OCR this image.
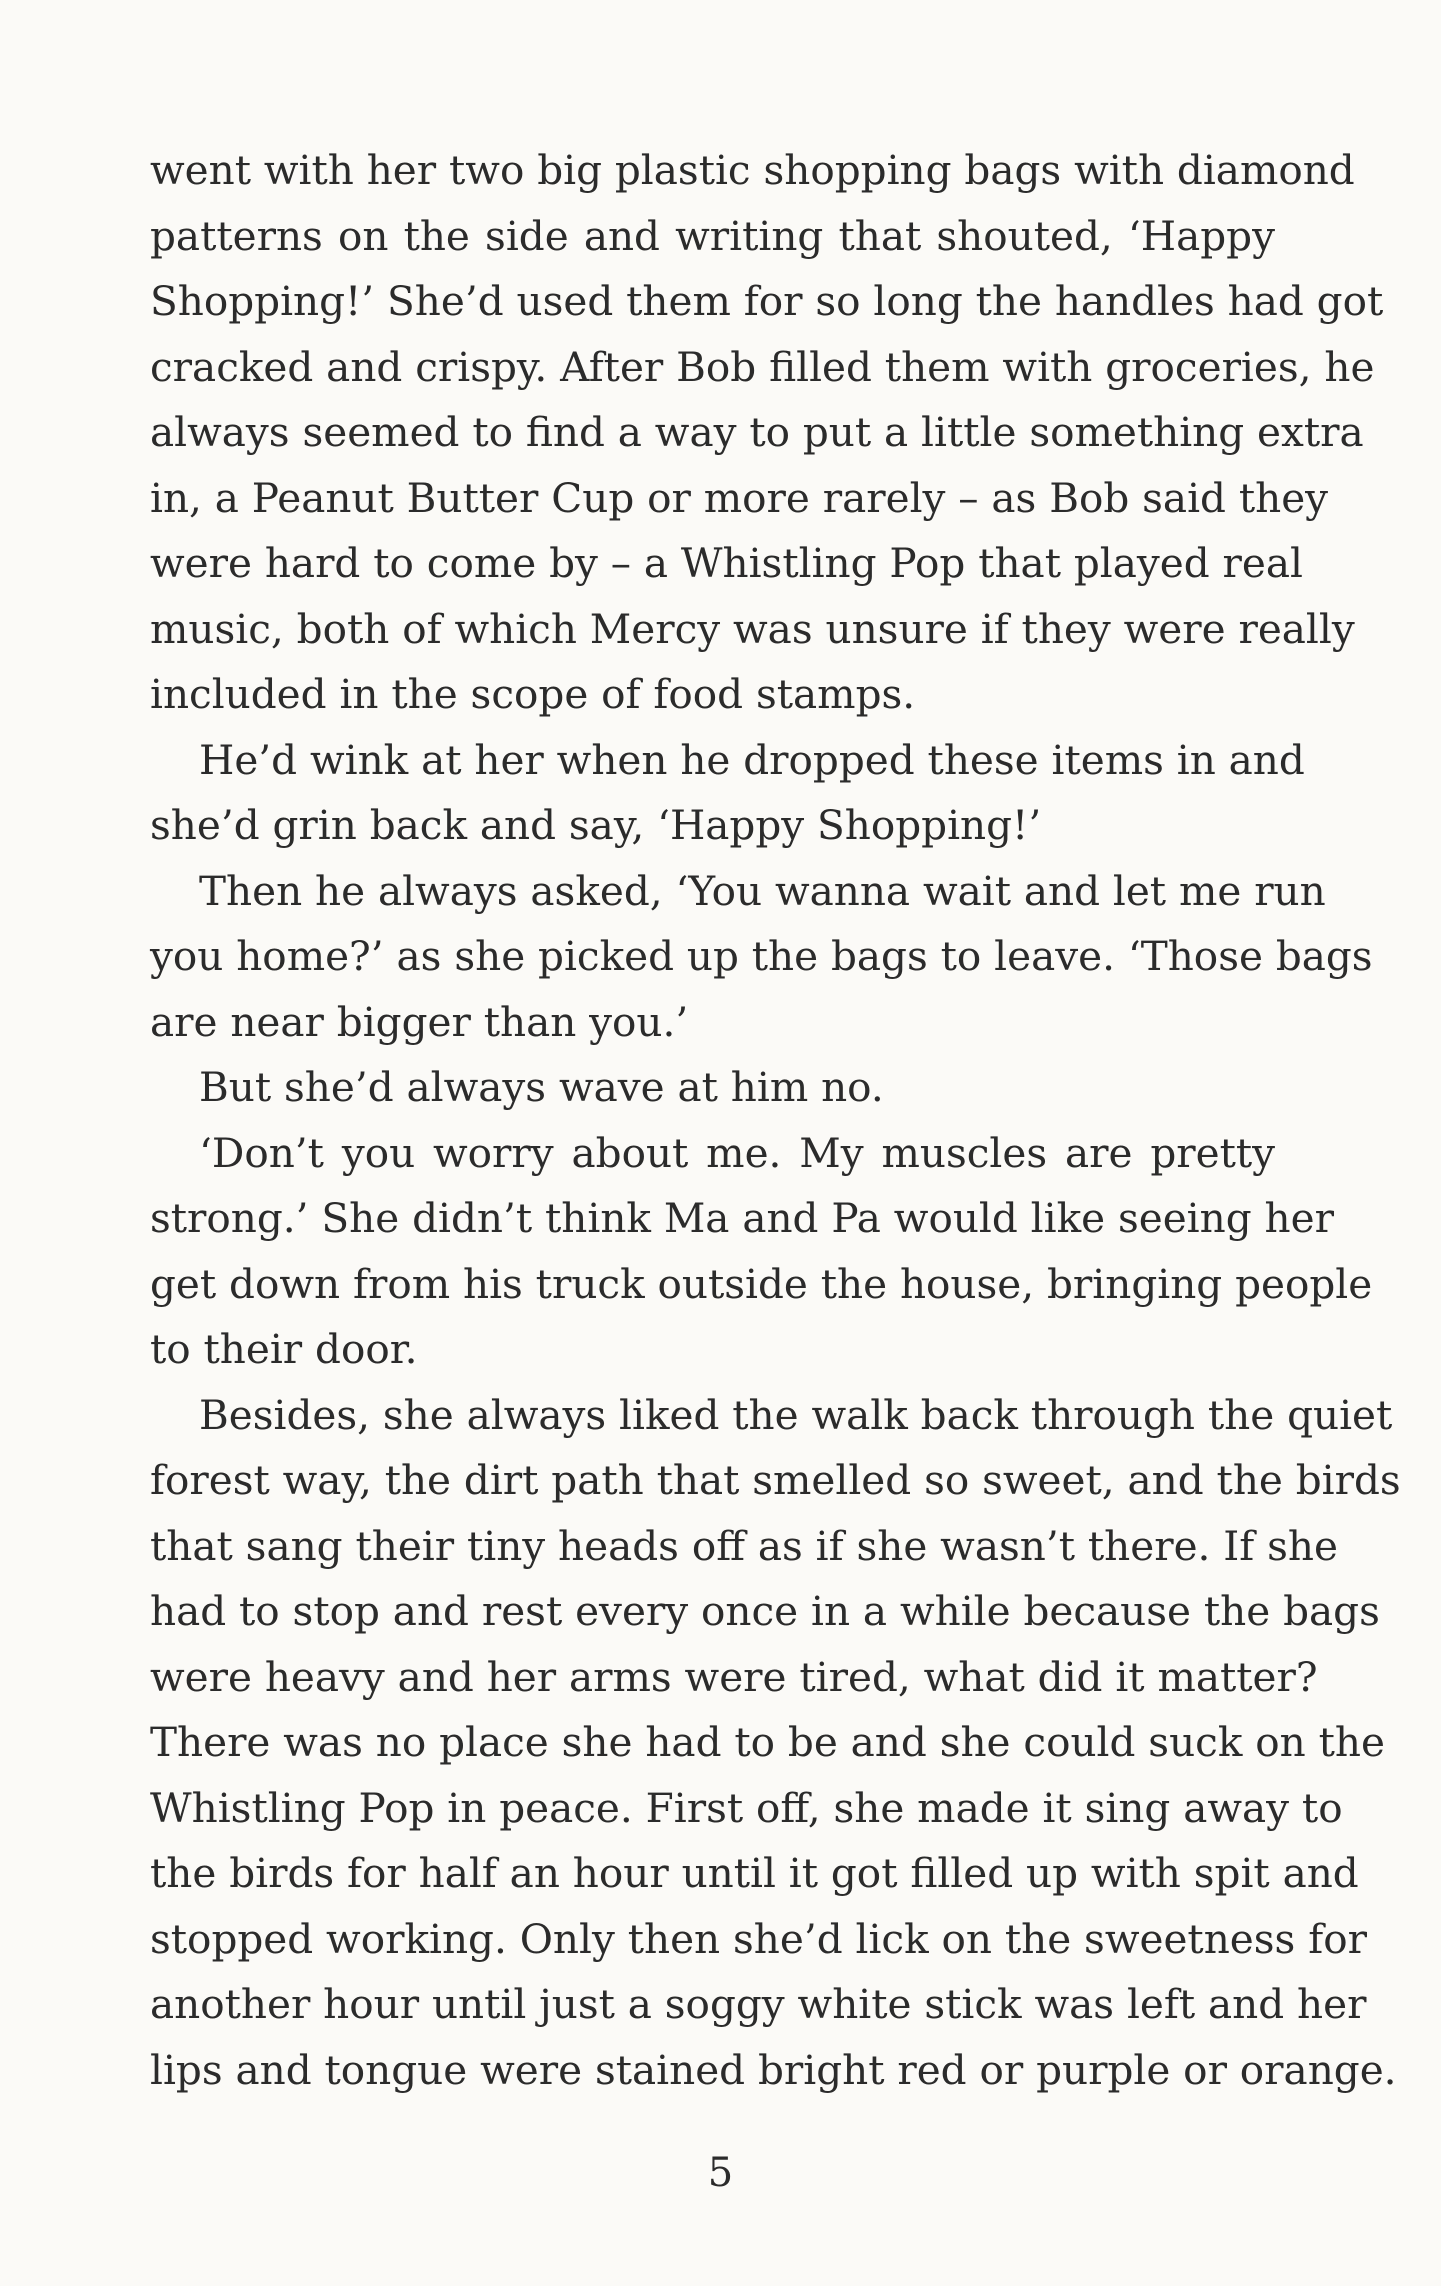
went with her two big plastic shopping bags with diamond
patterns on the side and writing that shouted, ‘Happy
Shopping!’ She’d used them for so long the handles had got
cracked and crispy. After Bob filled them with groceries, he
always seemed to find a way to put a little something extra
in, a Peanut Butter Cup or more rarely – as Bob said they
were hard to come by – a Whistling Pop that played real
music, both of which Mercy was unsure if they were really
included in the scope of food stamps.
He’d wink at her when he dropped these items in and
she’d grin back and say, ‘Happy Shopping!’
Then he always asked, ‘You wanna wait and let me run
you home?’ as she picked up the bags to leave. ‘Those bags
are near bigger than you.’
But she’d always wave at him no.
‘Don’t you worry about me. My muscles are pretty
strong.’ She didn’t think Ma and Pa would like seeing her
get down from his truck outside the house, bringing people
to their door.
Besides, she always liked the walk back through the quiet
forest way, the dirt path that smelled so sweet, and the birds
that sang their tiny heads off as if she wasn’t there. If she
had to stop and rest every once in a while because the bags
were heavy and her arms were tired, what did it matter?
There was no place she had to be and she could suck on the
Whistling Pop in peace. First off, she made it sing away to
the birds for half an hour until it got filled up with spit and
stopped working. Only then she’d lick on the sweetness for
another hour until just a soggy white stick was left and her
lips and tongue were stained bright red or purple or orange.
5
